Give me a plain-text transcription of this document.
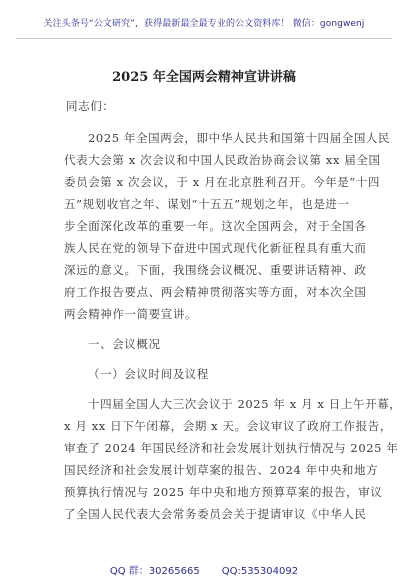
关注头条号“公文研究”，获得最新最全最专业的公文资料库！ 微信：gongwenj
2025 年全国两会精神宣讲讲稿
同志们：
2025 年全国两会，即中华人民共和国第十四届全国人民
代表大会第 x 次会议和中国人民政治协商会议第 xx 届全国
委员会第 x 次会议，于 x 月在北京胜利召开。今年是“十四
五”规划收官之年、谋划“十五五”规划之年，也是进一
步全面深化改革的重要一年。这次全国两会，对于全国各
族人民在党的领导下奋进中国式现代化新征程具有重大而
深远的意义。下面，我围绕会议概况、重要讲话精神、政
府工作报告要点、两会精神贯彻落实等方面，对本次全国
两会精神作一简要宣讲。
一、会议概况
（一）会议时间及议程
十四届全国人大三次会议于 2025 年 x 月 x 日上午开幕，
x 月 xx 日下午闭幕，会期 x 天。会议审议了政府工作报告，
审查了 2024 年国民经济和社会发展计划执行情况与 2025 年
国民经济和社会发展计划草案的报告、2024 年中央和地方
预算执行情况与 2025 年中央和地方预算草案的报告，审议
了全国人民代表大会常务委员会关于提请审议《中华人民
QQ 群：30265665 QQ:535304092
